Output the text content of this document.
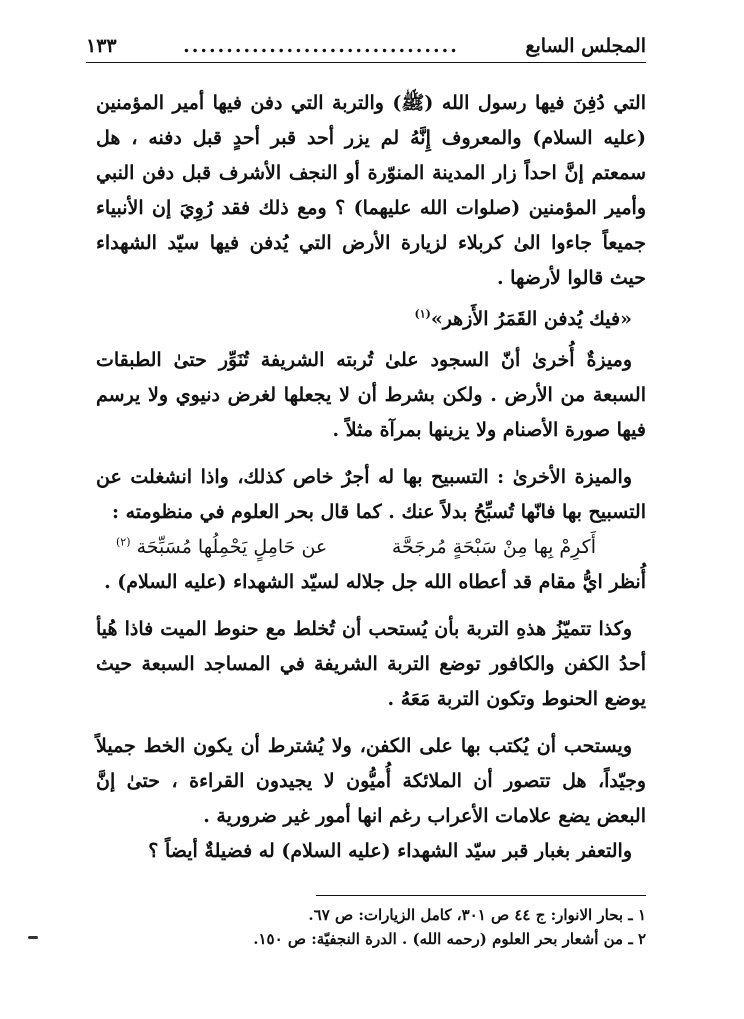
المجلس السابع
................................
١٣٣

التي دُفِنَ فيها رسول الله (ﷺ) والتربة التي دفن فيها أمير المؤمنين (عليه السلام) والمعروف إِنَّهُ لم يزر أحد قبر أحدٍ قبل دفنه ، هل سمعتم إنَّ احداً زار المدينة المنوّرة أو النجف الأشرف قبل دفن النبي وأمير المؤمنين (صلوات الله عليهما) ؟ ومع ذلك فقد رُوِيَ إن الأنبياء جميعاً جاءوا الىٰ كربلاء لزيارة الأرض التي يُدفن فيها سيّد الشهداء حيث قالوا لأرضها .

«فيك يُدفن القَمَرُ الأَزهر»$^{(١)}$

وميزةٌ أُخرىٰ أنّ السجود علىٰ تُربته الشريفة تُنَوِّر حتىٰ الطبقات السبعة من الأرض . ولكن بشرط أن لا يجعلها لغرض دنيوي ولا يرسم فيها صورة الأصنام ولا يزينها بمرآة مثلاً .

والميزة الأخرىٰ : التسبيح بها له أجرٌ خاص كذلك، واذا انشغلت عن التسبيح بها فانّها تُسبِّحُ بدلاً عنك . كما قال بحر العلوم في منظومته :

أَكرِمْ بِها مِنْ سَبْحَةٍ مُرجَحَّة
عن حَامِلٍ يَحْمِلُها مُسَبِّحَة $^{(٢)}$

أُنظر ايُّ مقام قد أعطاه الله جل جلاله لسيّد الشهداء (عليه السلام) .

وكذا تتميّزُ هذهِ التربة بأن يُستحب أن تُخلط مع حنوط الميت فاذا هُيأ أحدُ الكفن والكافور توضع التربة الشريفة في المساجد السبعة حيث يوضع الحنوط وتكون التربة مَعَهُ .

ويستحب أن يُكتب بها على الكفن، ولا يُشترط أن يكون الخط جميلاً وجيّداً، هل تتصور أن الملائكة أُميُّون لا يجيدون القراءة ، حتىٰ إنَّ البعض يضع علامات الأعراب رغم انها أمور غير ضرورية .

والتعفر بغبار قبر سيّد الشهداء (عليه السلام) له فضيلةٌ أيضاً ؟

١ ـ بحار الانوار: ج ٤٤ ص ٣٠١، كامل الزيارات: ص ٦٧.

٢ ـ من أشعار بحر العلوم (رحمه الله) . الدرة النجفيّة: ص ١٥٠.
